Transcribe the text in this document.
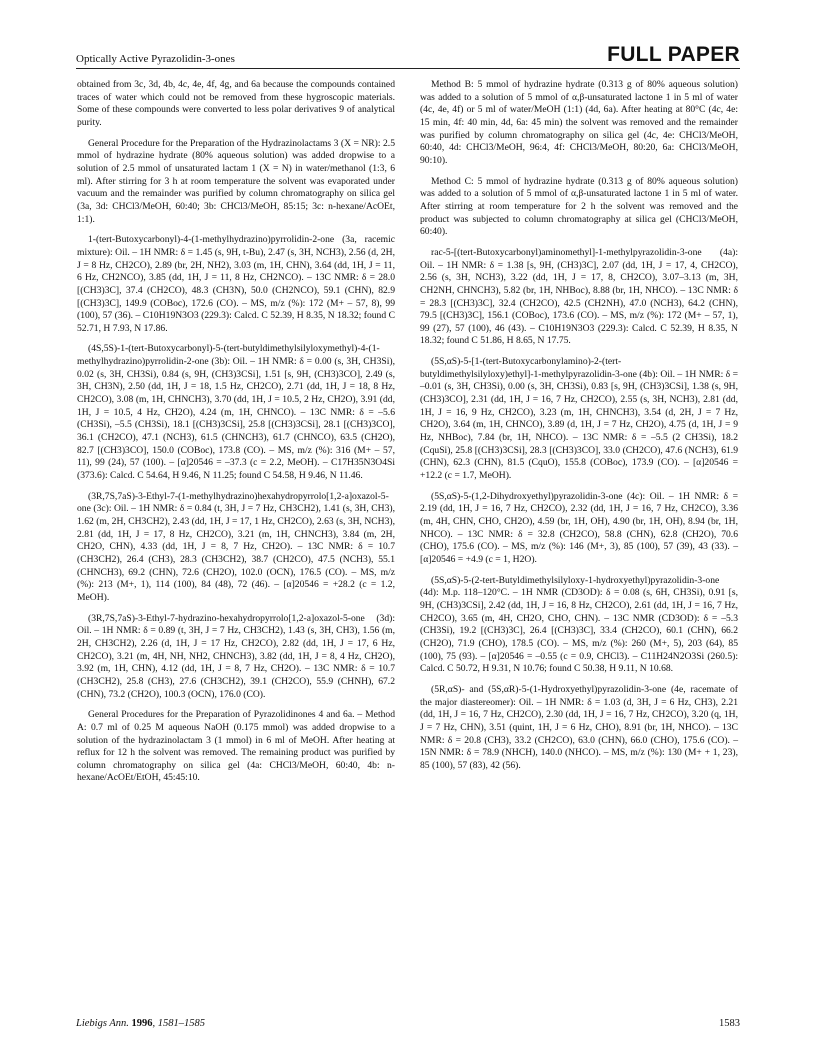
Optically Active Pyrazolidin-3-ones	FULL PAPER

obtained from 3c, 3d, 4b, 4c, 4e, 4f, 4g, and 6a because the compounds contained traces of water which could not be removed from these hygroscopic materials. Some of these compounds were converted to less polar derivatives 9 of analytical purity.

General Procedure for the Preparation of the Hydrazinolactams 3 (X = NR): 2.5 mmol of hydrazine hydrate (80% aqueous solution) was added dropwise to a solution of 2.5 mmol of unsaturated lactam 1 (X = N) in water/methanol (1:3, 6 ml). After stirring for 3 h at room temperature the solvent was evaporated under vacuum and the remainder was purified by column chromatography on silica gel (3a, 3d: CHCl3/MeOH, 60:40; 3b: CHCl3/MeOH, 85:15; 3c: n-hexane/AcOEt, 1:1).

1-(tert-Butoxycarbonyl)-4-(1-methylhydrazino)pyrrolidin-2-one (3a, racemic mixture): Oil. – 1H NMR: δ = 1.45 (s, 9H, t-Bu), 2.47 (s, 3H, NCH3), 2.56 (d, 2H, J = 8 Hz, CH2CO), 2.89 (br, 2H, NH2), 3.03 (m, 1H, CHN), 3.64 (dd, 1H, J = 11, 6 Hz, CH2NCO), 3.85 (dd, 1H, J = 11, 8 Hz, CH2NCO). – 13C NMR: δ = 28.0 [(CH3)3C], 37.4 (CH2CO), 48.3 (CH3N), 50.0 (CH2NCO), 59.1 (CHN), 82.9 [(CH3)3C], 149.9 (COBoc), 172.6 (CO). – MS, m/z (%): 172 (M+ – 57, 8), 99 (100), 57 (36). – C10H19N3O3 (229.3): Calcd. C 52.39, H 8.35, N 18.32; found C 52.71, H 7.93, N 17.86.

(4S,5S)-1-(tert-Butoxycarbonyl)-5-(tert-butyldimethylsilyloxymethyl)-4-(1-methylhydrazino)pyrrolidin-2-one (3b): Oil. – 1H NMR: δ = 0.00 (s, 3H, CH3Si), 0.02 (s, 3H, CH3Si), 0.84 (s, 9H, (CH3)3CSi], 1.51 [s, 9H, (CH3)3CO], 2.49 (s, 3H, CH3N), 2.50 (dd, 1H, J = 18, 1.5 Hz, CH2CO), 2.71 (dd, 1H, J = 18, 8 Hz, CH2CO), 3.08 (m, 1H, CHNCH3), 3.70 (dd, 1H, J = 10.5, 2 Hz, CH2O), 3.91 (dd, 1H, J = 10.5, 4 Hz, CH2O), 4.24 (m, 1H, CHNCO). – 13C NMR: δ = –5.6 (CH3Si), –5.5 (CH3Si), 18.1 [(CH3)3CSi], 25.8 [(CH3)3CSi], 28.1 [(CH3)3CO], 36.1 (CH2CO), 47.1 (NCH3), 61.5 (CHNCH3), 61.7 (CHNCO), 63.5 (CH2O), 82.7 [(CH3)3CO], 150.0 (COBoc), 173.8 (CO). – MS, m/z (%): 316 (M+ – 57, 11), 99 (24), 57 (100). – [α]20546 = –37.3 (c = 2.2, MeOH). – C17H35N3O4Si (373.6): Calcd. C 54.64, H 9.46, N 11.25; found C 54.58, H 9.46, N 11.46.

(3R,7S,7aS)-3-Ethyl-7-(1-methylhydrazino)hexahydropyrrolo[1,2-a]oxazol-5-one (3c): Oil. – 1H NMR: δ = 0.84 (t, 3H, J = 7 Hz, CH3CH2), 1.41 (s, 3H, CH3), 1.62 (m, 2H, CH3CH2), 2.43 (dd, 1H, J = 17, 1 Hz, CH2CO), 2.63 (s, 3H, NCH3), 2.81 (dd, 1H, J = 17, 8 Hz, CH2CO), 3.21 (m, 1H, CHNCH3), 3.84 (m, 2H, CH2O, CHN), 4.33 (dd, 1H, J = 8, 7 Hz, CH2O). – 13C NMR: δ = 10.7 (CH3CH2), 26.4 (CH3), 28.3 (CH3CH2), 38.7 (CH2CO), 47.5 (NCH3), 55.1 (CHNCH3), 69.2 (CHN), 72.6 (CH2O), 102.0 (OCN), 176.5 (CO). – MS, m/z (%): 213 (M+, 1), 114 (100), 84 (48), 72 (46). – [α]20546 = +28.2 (c = 1.2, MeOH).

(3R,7S,7aS)-3-Ethyl-7-hydrazino-hexahydropyrrolo[1,2-a]oxazol-5-one (3d): Oil. – 1H NMR: δ = 0.89 (t, 3H, J = 7 Hz, CH3CH2), 1.43 (s, 3H, CH3), 1.56 (m, 2H, CH3CH2), 2.26 (d, 1H, J = 17 Hz, CH2CO), 2.82 (dd, 1H, J = 17, 6 Hz, CH2CO), 3.21 (m, 4H, NH, NH2, CHNCH3), 3.82 (dd, 1H, J = 8, 4 Hz, CH2O), 3.92 (m, 1H, CHN), 4.12 (dd, 1H, J = 8, 7 Hz, CH2O). – 13C NMR: δ = 10.7 (CH3CH2), 25.8 (CH3), 27.6 (CH3CH2), 39.1 (CH2CO), 55.9 (CHNH), 67.2 (CHN), 73.2 (CH2O), 100.3 (OCN), 176.0 (CO).

General Procedures for the Preparation of Pyrazolidinones 4 and 6a. – Method A: 0.7 ml of 0.25 M aqueous NaOH (0.175 mmol) was added dropwise to a solution of the hydrazinolactam 3 (1 mmol) in 6 ml of MeOH. After heating at reflux for 12 h the solvent was removed. The remaining product was purified by column chromatography on silica gel (4a: CHCl3/MeOH, 60:40, 4b: n-hexane/AcOEt/EtOH, 45:45:10.

Method B: 5 mmol of hydrazine hydrate (0.313 g of 80% aqueous solution) was added to a solution of 5 mmol of α,β-unsaturated lactone 1 in 5 ml of water (4c, 4e, 4f) or 5 ml of water/MeOH (1:1) (4d, 6a). After heating at 80°C (4c, 4e: 15 min, 4f: 40 min, 4d, 6a: 45 min) the solvent was removed and the remainder was purified by column chromatography on silica gel (4c, 4e: CHCl3/MeOH, 60:40, 4d: CHCl3/MeOH, 96:4, 4f: CHCl3/MeOH, 80:20, 6a: CHCl3/MeOH, 90:10).

Method C: 5 mmol of hydrazine hydrate (0.313 g of 80% aqueous solution) was added to a solution of 5 mmol of α,β-unsaturated lactone 1 in 5 ml of water. After stirring at room temperature for 2 h the solvent was removed and the product was subjected to column chromatography at silica gel (CHCl3/MeOH, 60:40).

rac-5-[(tert-Butoxycarbonyl)aminomethyl]-1-methylpyrazolidin-3-one (4a): Oil. – 1H NMR: δ = 1.38 [s, 9H, (CH3)3C], 2.07 (dd, 1H, J = 17, 4, CH2CO), 2.56 (s, 3H, NCH3), 3.22 (dd, 1H, J = 17, 8, CH2CO), 3.07–3.13 (m, 3H, CH2NH, CHNCH3), 5.82 (br, 1H, NHBoc), 8.88 (br, 1H, NHCO). – 13C NMR: δ = 28.3 [(CH3)3C], 32.4 (CH2CO), 42.5 (CH2NH), 47.0 (NCH3), 64.2 (CHN), 79.5 [(CH3)3C], 156.1 (COBoc), 173.6 (CO). – MS, m/z (%): 172 (M+ – 57, 1), 99 (27), 57 (100), 46 (43). – C10H19N3O3 (229.3): Calcd. C 52.39, H 8.35, N 18.32; found C 51.86, H 8.65, N 17.75.

(5S,αS)-5-[1-(tert-Butoxycarbonylamino)-2-(tert-butyldimethylsilyloxy)ethyl]-1-methylpyrazolidin-3-one (4b): Oil. – 1H NMR: δ = –0.01 (s, 3H, CH3Si), 0.00 (s, 3H, CH3Si), 0.83 [s, 9H, (CH3)3CSi], 1.38 (s, 9H, (CH3)3CO], 2.31 (dd, 1H, J = 16, 7 Hz, CH2CO), 2.55 (s, 3H, NCH3), 2.81 (dd, 1H, J = 16, 9 Hz, CH2CO), 3.23 (m, 1H, CHNCH3), 3.54 (d, 2H, J = 7 Hz, CH2O), 3.64 (m, 1H, CHNCO), 3.89 (d, 1H, J = 7 Hz, CH2O), 4.75 (d, 1H, J = 9 Hz, NHBoc), 7.84 (br, 1H, NHCO). – 13C NMR: δ = –5.5 (2 CH3Si), 18.2 (CquSi), 25.8 [(CH3)3CSi], 28.3 [(CH3)3CO], 33.0 (CH2CO), 47.6 (NCH3), 61.9 (CHN), 62.3 (CHN), 81.5 (CquO), 155.8 (COBoc), 173.9 (CO). – [α]20546 = +12.2 (c = 1.7, MeOH).

(5S,αS)-5-(1,2-Dihydroxyethyl)pyrazolidin-3-one (4c): Oil. – 1H NMR: δ = 2.19 (dd, 1H, J = 16, 7 Hz, CH2CO), 2.32 (dd, 1H, J = 16, 7 Hz, CH2CO), 3.36 (m, 4H, CHN, CHO, CH2O), 4.59 (br, 1H, OH), 4.90 (br, 1H, OH), 8.94 (br, 1H, NHCO). – 13C NMR: δ = 32.8 (CH2CO), 58.8 (CHN), 62.8 (CH2O), 70.6 (CHO), 175.6 (CO). – MS, m/z (%): 146 (M+, 3), 85 (100), 57 (39), 43 (33). – [α]20546 = +4.9 (c = 1, H2O).

(5S,αS)-5-(2-tert-Butyldimethylsilyloxy-1-hydroxyethyl)pyrazolidin-3-one (4d): M.p. 118–120°C. – 1H NMR (CD3OD): δ = 0.08 (s, 6H, CH3Si), 0.91 [s, 9H, (CH3)3CSi], 2.42 (dd, 1H, J = 16, 8 Hz, CH2CO), 2.61 (dd, 1H, J = 16, 7 Hz, CH2CO), 3.65 (m, 4H, CH2O, CHO, CHN). – 13C NMR (CD3OD): δ = –5.3 (CH3Si), 19.2 [(CH3)3C], 26.4 [(CH3)3C], 33.4 (CH2CO), 60.1 (CHN), 66.2 (CH2O), 71.9 (CHO), 178.5 (CO). – MS, m/z (%): 260 (M+, 5), 203 (64), 85 (100), 75 (93). – [α]20546 = –0.55 (c = 0.9, CHCl3). – C11H24N2O3Si (260.5): Calcd. C 50.72, H 9.31, N 10.76; found C 50.38, H 9.11, N 10.68.

(5R,αS)- and (5S,αR)-5-(1-Hydroxyethyl)pyrazolidin-3-one (4e, racemate of the major diastereomer): Oil. – 1H NMR: δ = 1.03 (d, 3H, J = 6 Hz, CH3), 2.21 (dd, 1H, J = 16, 7 Hz, CH2CO), 2.30 (dd, 1H, J = 16, 7 Hz, CH2CO), 3.20 (q, 1H, J = 7 Hz, CHN), 3.51 (quint, 1H, J = 6 Hz, CHO), 8.91 (br, 1H, NHCO). – 13C NMR: δ = 20.8 (CH3), 33.2 (CH2CO), 63.0 (CHN), 66.0 (CHO), 175.6 (CO). – 15N NMR: δ = 78.9 (NHCH), 140.0 (NHCO). – MS, m/z (%): 130 (M+ + 1, 23), 85 (100), 57 (83), 42 (56).

Liebigs Ann. 1996, 1581–1585	1583
